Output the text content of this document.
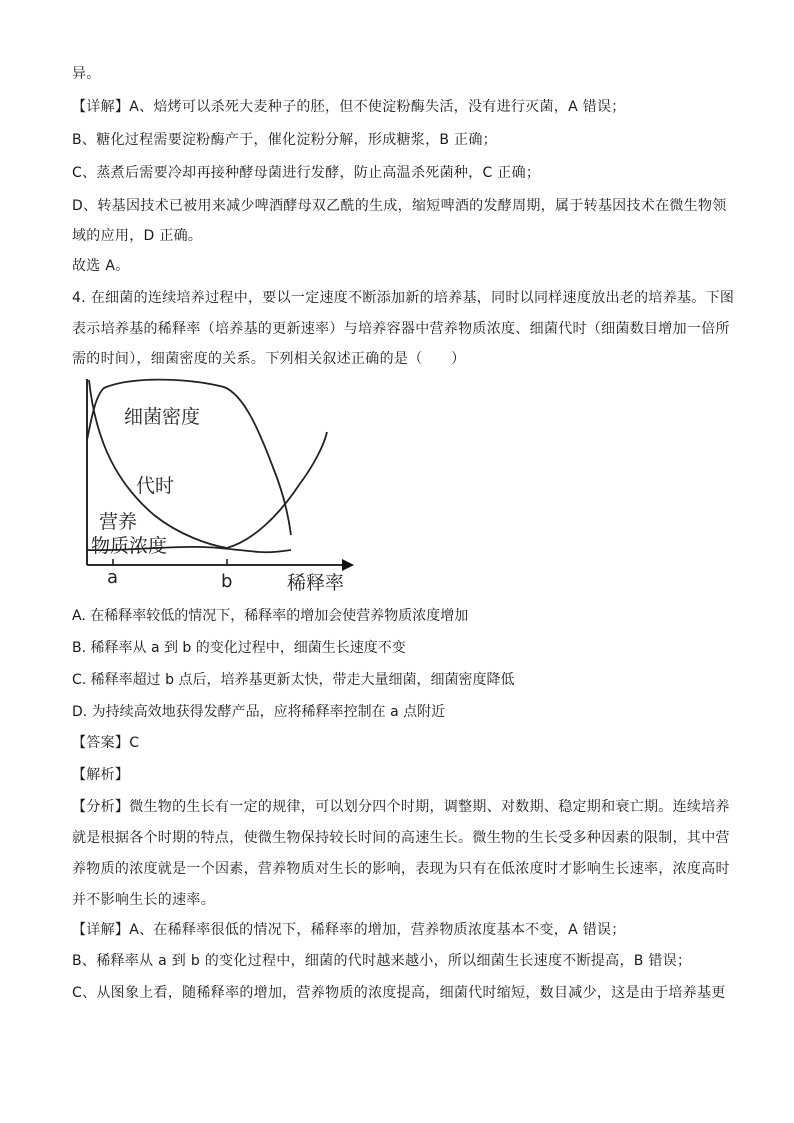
异。
【详解】A、焙烤可以杀死大麦种子的胚，但不使淀粉酶失活，没有进行灭菌，A 错误；
B、糖化过程需要淀粉酶产于，催化淀粉分解，形成糖浆，B 正确；
C、蒸煮后需要冷却再接种酵母菌进行发酵，防止高温杀死菌种，C 正确；
D、转基因技术已被用来减少啤酒酵母双乙酰的生成，缩短啤酒的发酵周期，属于转基因技术在微生物领
域的应用，D 正确。
故选 A。
4. 在细菌的连续培养过程中，要以一定速度不断添加新的培养基，同时以同样速度放出老的培养基。下图
表示培养基的稀释率（培养基的更新速率）与培养容器中营养物质浓度、细菌代时（细菌数目增加一倍所
需的时间），细菌密度的关系。下列相关叙述正确的是（　　）
细菌密度
代时
营养
物质浓度
a	b	稀释率
A. 在稀释率较低的情况下，稀释率的增加会使营养物质浓度增加
B. 稀释率从 a 到 b 的变化过程中，细菌生长速度不变
C. 稀释率超过 b 点后，培养基更新太快，带走大量细菌，细菌密度降低
D. 为持续高效地获得发酵产品，应将稀释率控制在 a 点附近
【答案】C
【解析】
【分析】微生物的生长有一定的规律，可以划分四个时期，调整期、对数期、稳定期和衰亡期。连续培养
就是根据各个时期的特点，使微生物保持较长时间的高速生长。微生物的生长受多种因素的限制，其中营
养物质的浓度就是一个因素，营养物质对生长的影响，表现为只有在低浓度时才影响生长速率，浓度高时
并不影响生长的速率。
【详解】A、在稀释率很低的情况下，稀释率的增加，营养物质浓度基本不变，A 错误；
B、稀释率从 a 到 b 的变化过程中，细菌的代时越来越小，所以细菌生长速度不断提高，B 错误；
C、从图象上看，随稀释率的增加，营养物质的浓度提高，细菌代时缩短，数目减少，这是由于培养基更
